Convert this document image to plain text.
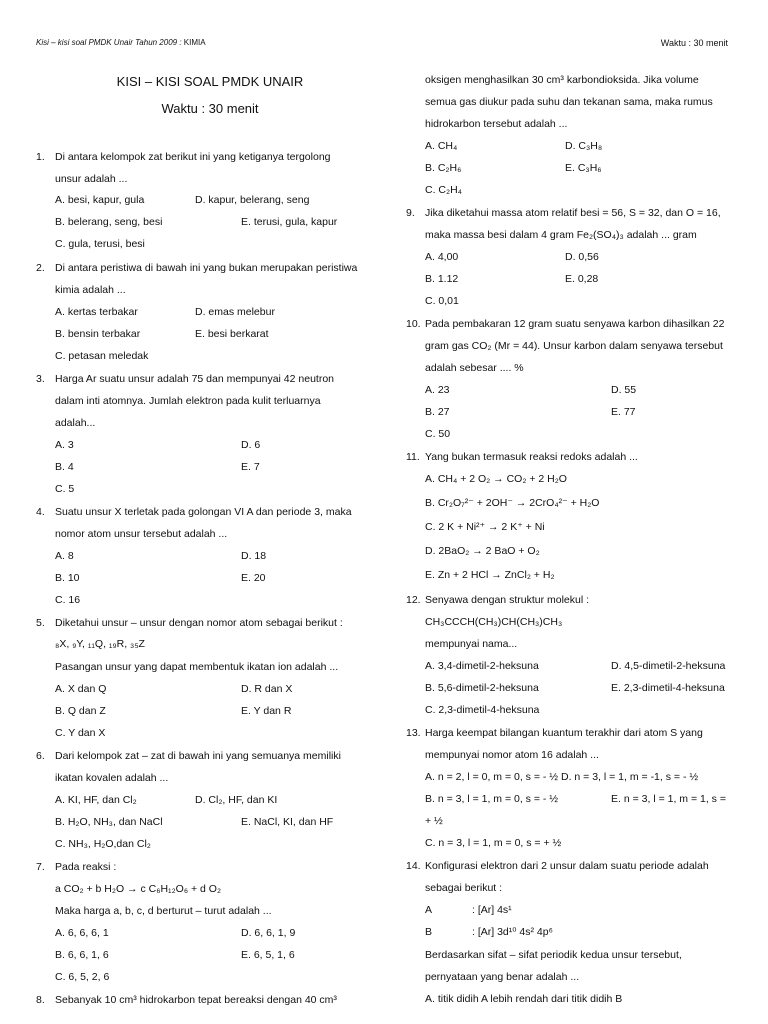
Kisi – kisi soal PMDK Unair Tahun 2009 : KIMIA	Waktu : 30 menit
KISI – KISI SOAL PMDK UNAIR
Waktu : 30 menit
1. Di antara kelompok zat berikut ini yang ketiganya tergolong
unsur adalah ...
A. besi, kapur, gula	D. kapur, belerang, seng
B. belerang, seng, besi	E. terusi, gula, kapur
C. gula, terusi, besi
2. Di antara peristiwa di bawah ini yang bukan merupakan peristiwa
kimia adalah ...
A. kertas terbakar	D. emas melebur
B. bensin terbakar	E. besi berkarat
C. petasan meledak
3. Harga Ar suatu unsur adalah 75 dan mempunyai 42 neutron
dalam inti atomnya. Jumlah elektron pada kulit terluarnya
adalah...
A. 3	D. 6
B. 4	E. 7
C. 5
4. Suatu unsur X terletak pada golongan VI A dan periode 3, maka
nomor atom unsur tersebut adalah ...
A. 8	D. 18
B. 10	E. 20
C. 16
5. Diketahui unsur – unsur dengan nomor atom sebagai berikut :
₈X, ₉Y, ₁₁Q, ₁₉R, ₃₅Z
Pasangan unsur yang dapat membentuk ikatan ion adalah ...
A. X dan Q	D. R dan X
B. Q dan Z	E. Y dan R
C. Y dan X
6. Dari kelompok zat – zat di bawah ini yang semuanya memiliki
ikatan kovalen adalah ...
A. KI, HF, dan Cl₂	D. Cl₂, HF, dan KI
B. H₂O, NH₃, dan NaCl	E. NaCl, KI, dan HF
C. NH₃, H₂O,dan Cl₂
7. Pada reaksi :
a CO₂ + b H₂O → c C₆H₁₂O₆ + d O₂
Maka harga a, b, c, d berturut – turut adalah ...
A. 6, 6, 6, 1	D. 6, 6, 1, 9
B. 6, 6, 1, 6	E. 6, 5, 1, 6
C. 6, 5, 2, 6
8. Sebanyak 10 cm³ hidrokarbon tepat bereaksi dengan 40 cm³
oksigen menghasilkan 30 cm³ karbondioksida. Jika volume
semua gas diukur pada suhu dan tekanan sama, maka rumus
hidrokarbon tersebut adalah ...
A. CH₄	D. C₃H₈
B. C₂H₆	E. C₃H₆
C. C₂H₄
9. Jika diketahui massa atom relatif besi = 56, S = 32, dan O = 16,
maka massa besi dalam 4 gram Fe₂(SO₄)₃ adalah ... gram
A. 4,00	D. 0,56
B. 1.12	E. 0,28
C. 0,01
10. Pada pembakaran 12 gram suatu senyawa karbon dihasilkan 22
gram gas CO₂ (Mr = 44). Unsur karbon dalam senyawa tersebut
adalah sebesar .... %
A. 23	D. 55
B. 27	E. 77
C. 50
11. Yang bukan termasuk reaksi redoks adalah ...
A. CH₄ + 2 O₂ → CO₂ + 2 H₂O
B. Cr₂O₇²⁻ + 2OH⁻ → 2CrO₄²⁻ + H₂O
C. 2 K + Ni²⁺ → 2 K⁺ + Ni
D. 2BaO₂ → 2 BaO + O₂
E. Zn + 2 HCl → ZnCl₂ + H₂
12. Senyawa dengan struktur molekul :
CH₃CCCH(CH₃)CH(CH₃)CH₃
mempunyai nama...
A. 3,4-dimetil-2-heksuna	D. 4,5-dimetil-2-heksuna
B. 5,6-dimetil-2-heksuna	E. 2,3-dimetil-4-heksuna
C. 2,3-dimetil-4-heksuna
13. Harga keempat bilangan kuantum terakhir dari atom S yang
mempunyai nomor atom 16 adalah ...
A. n = 2, l = 0, m = 0, s = - ½ D. n = 3, l = 1, m = -1, s = - ½
B. n = 3, l = 1, m = 0, s = - ½	E. n = 3, l = 1, m = 1, s =
+ ½
C. n = 3, l = 1, m = 0, s = + ½
14. Konfigurasi elektron dari 2 unsur dalam suatu periode adalah
sebagai berikut :
A	: [Ar] 4s¹
B	: [Ar] 3d¹⁰ 4s² 4p⁶
Berdasarkan sifat – sifat periodik kedua unsur tersebut,
pernyataan yang benar adalah ...
A. titik didih A lebih rendah dari titik didih B
